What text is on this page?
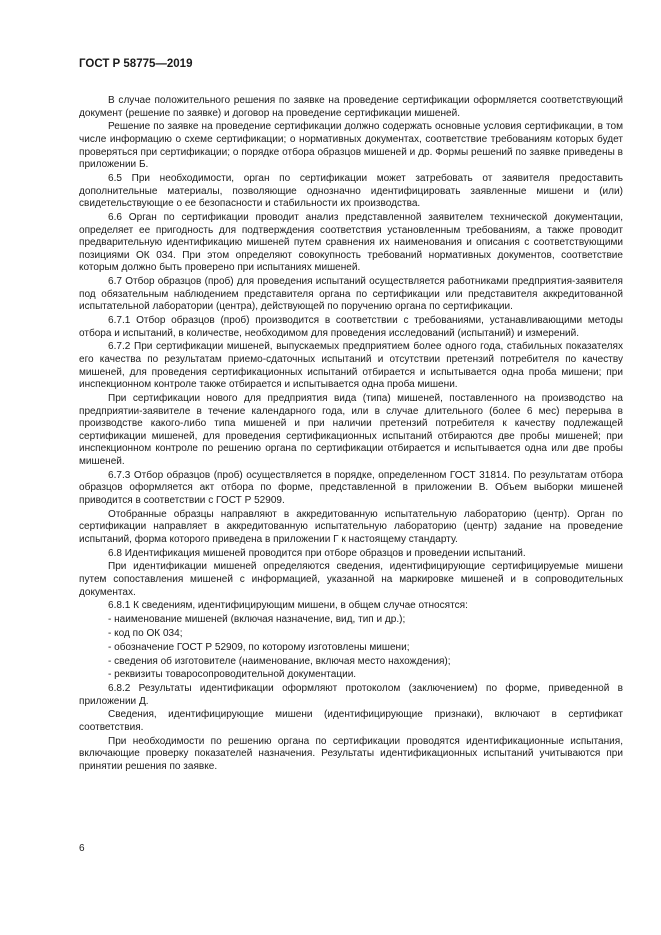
ГОСТ Р 58775—2019

В случае положительного решения по заявке на проведение сертификации оформляется соответствующий документ (решение по заявке) и договор на проведение сертификации мишеней.

Решение по заявке на проведение сертификации должно содержать основные условия сертификации, в том числе информацию о схеме сертификации; о нормативных документах, соответствие требованиям которых будет проверяться при сертификации; о порядке отбора образцов мишеней и др. Формы решений по заявке приведены в приложении Б.

6.5 При необходимости, орган по сертификации может затребовать от заявителя предоставить дополнительные материалы, позволяющие однозначно идентифицировать заявленные мишени и (или) свидетельствующие о ее безопасности и стабильности их производства.

6.6 Орган по сертификации проводит анализ представленной заявителем технической документации, определяет ее пригодность для подтверждения соответствия установленным требованиям, а также проводит предварительную идентификацию мишеней путем сравнения их наименования и описания с соответствующими позициями ОК 034. При этом определяют совокупность требований нормативных документов, соответствие которым должно быть проверено при испытаниях мишеней.

6.7 Отбор образцов (проб) для проведения испытаний осуществляется работниками предприятия-заявителя под обязательным наблюдением представителя органа по сертификации или представителя аккредитованной испытательной лаборатории (центра), действующей по поручению органа по сертификации.

6.7.1 Отбор образцов (проб) производится в соответствии с требованиями, устанавливающими методы отбора и испытаний, в количестве, необходимом для проведения исследований (испытаний) и измерений.

6.7.2 При сертификации мишеней, выпускаемых предприятием более одного года, стабильных показателях его качества по результатам приемо-сдаточных испытаний и отсутствии претензий потребителя по качеству мишеней, для проведения сертификационных испытаний отбирается и испытывается одна проба мишени; при инспекционном контроле также отбирается и испытывается одна проба мишени.

При сертификации нового для предприятия вида (типа) мишеней, поставленного на производство на предприятии-заявителе в течение календарного года, или в случае длительного (более 6 мес) перерыва в производстве какого-либо типа мишеней и при наличии претензий потребителя к качеству подлежащей сертификации мишеней, для проведения сертификационных испытаний отбираются две пробы мишеней; при инспекционном контроле по решению органа по сертификации отбирается и испытывается одна или две пробы мишеней.

6.7.3 Отбор образцов (проб) осуществляется в порядке, определенном ГОСТ 31814. По результатам отбора образцов оформляется акт отбора по форме, представленной в приложении В. Объем выборки мишеней приводится в соответствии с ГОСТ Р 52909.

Отобранные образцы направляют в аккредитованную испытательную лабораторию (центр). Орган по сертификации направляет в аккредитованную испытательную лабораторию (центр) задание на проведение испытаний, форма которого приведена в приложении Г к настоящему стандарту.

6.8 Идентификация мишеней проводится при отборе образцов и проведении испытаний.

При идентификации мишеней определяются сведения, идентифицирующие сертифицируемые мишени путем сопоставления мишеней с информацией, указанной на маркировке мишеней и в сопроводительных документах.

6.8.1 К сведениям, идентифицирующим мишени, в общем случае относятся:

- наименование мишеней (включая назначение, вид, тип и др.);

- код по ОК 034;

- обозначение ГОСТ Р 52909, по которому изготовлены мишени;

- сведения об изготовителе (наименование, включая место нахождения);

- реквизиты товаросопроводительной документации.

6.8.2 Результаты идентификации оформляют протоколом (заключением) по форме, приведенной в приложении Д.

Сведения, идентифицирующие мишени (идентифицирующие признаки), включают в сертификат соответствия.

При необходимости по решению органа по сертификации проводятся идентификационные испытания, включающие проверку показателей назначения. Результаты идентификационных испытаний учитываются при принятии решения по заявке.

6
